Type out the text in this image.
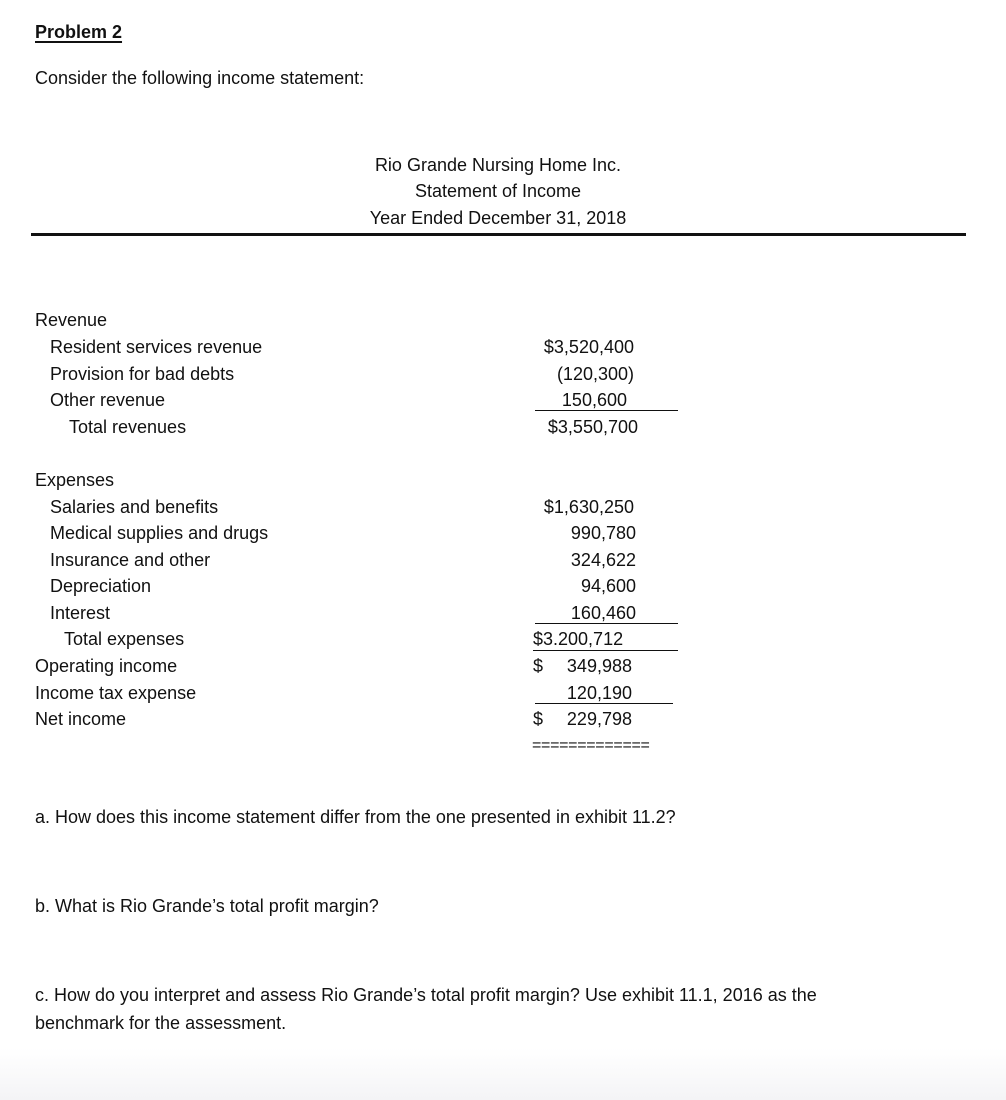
Problem 2
Consider the following income statement:
Rio Grande Nursing Home Inc.
Statement of Income
Year Ended December 31, 2018
Revenue
Resident services revenue	$3,520,400
Provision for bad debts	(120,300)
Other revenue	150,600
Total revenues	$3,550,700
Expenses
Salaries and benefits	$1,630,250
Medical supplies and drugs	990,780
Insurance and other	324,622
Depreciation	94,600
Interest	160,460
Total expenses	$3.200,712
Operating income	$	349,988
Income tax expense	120,190
Net income	$	229,798
=============
a. How does this income statement differ from the one presented in exhibit 11.2?
b. What is Rio Grande’s total profit margin?
c. How do you interpret and assess Rio Grande’s total profit margin? Use exhibit 11.1, 2016 as the
benchmark for the assessment.
